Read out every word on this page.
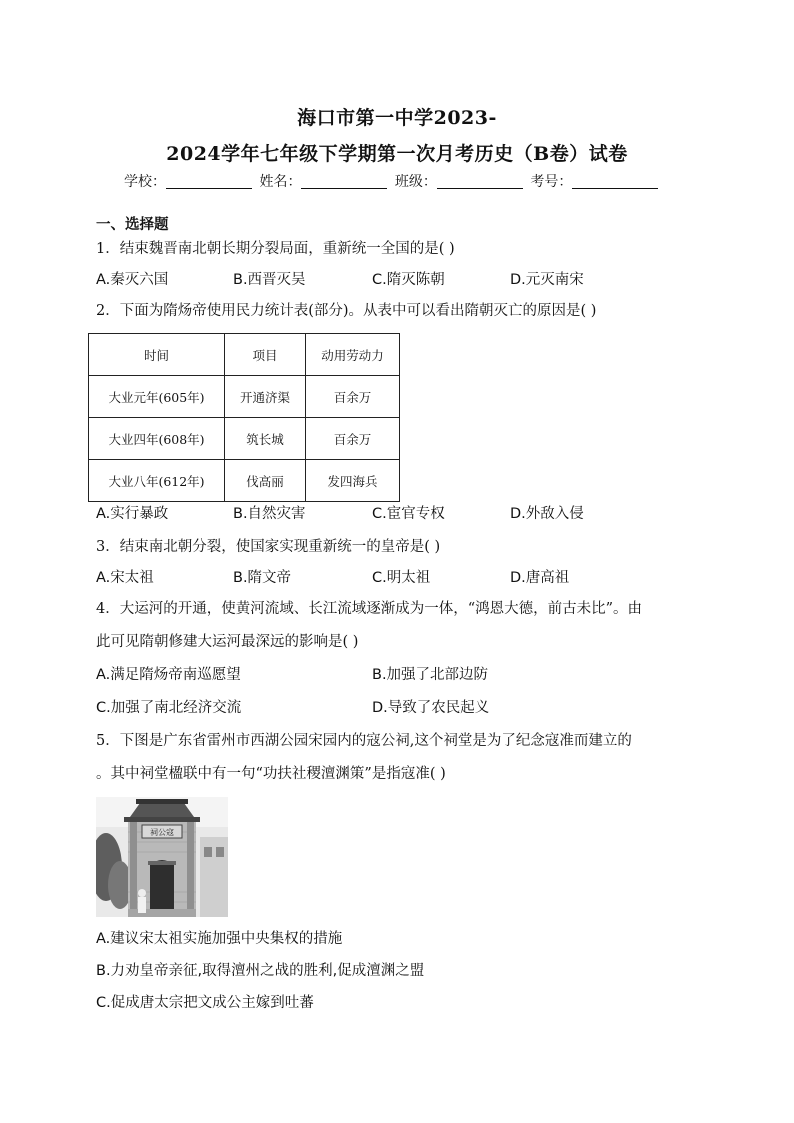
海口市第一中学2023-
2024学年七年级下学期第一次月考历史（B卷）试卷
学校：	姓名：	班级：	考号：
一、选择题
1．结束魏晋南北朝长期分裂局面，重新统一全国的是( )
A.秦灭六国	B.西晋灭吴	C.隋灭陈朝	D.元灭南宋
2．下面为隋炀帝使用民力统计表(部分)。从表中可以看出隋朝灭亡的原因是( )
时间	项目	动用劳动力
大业元年(605年)	开通济渠	百余万
大业四年(608年)	筑长城	百余万
大业八年(612年)	伐高丽	发四海兵
A.实行暴政	B.自然灾害	C.宦官专权	D.外敌入侵
3．结束南北朝分裂，使国家实现重新统一的皇帝是( )
A.宋太祖	B.隋文帝	C.明太祖	D.唐高祖
4．大运河的开通，使黄河流域、长江流域逐渐成为一体，“鸿恩大德，前古未比”。由
此可见隋朝修建大运河最深远的影响是( )
A.满足隋炀帝南巡愿望	B.加强了北部边防
C.加强了南北经济交流	D.导致了农民起义
5．下图是广东省雷州市西湖公园宋园内的寇公祠,这个祠堂是为了纪念寇准而建立的
。其中祠堂楹联中有一句“功扶社稷澶渊策”是指寇准( )
祠公寇
A.建议宋太祖实施加强中央集权的措施
B.力劝皇帝亲征,取得澶州之战的胜利,促成澶渊之盟
C.促成唐太宗把文成公主嫁到吐蕃
